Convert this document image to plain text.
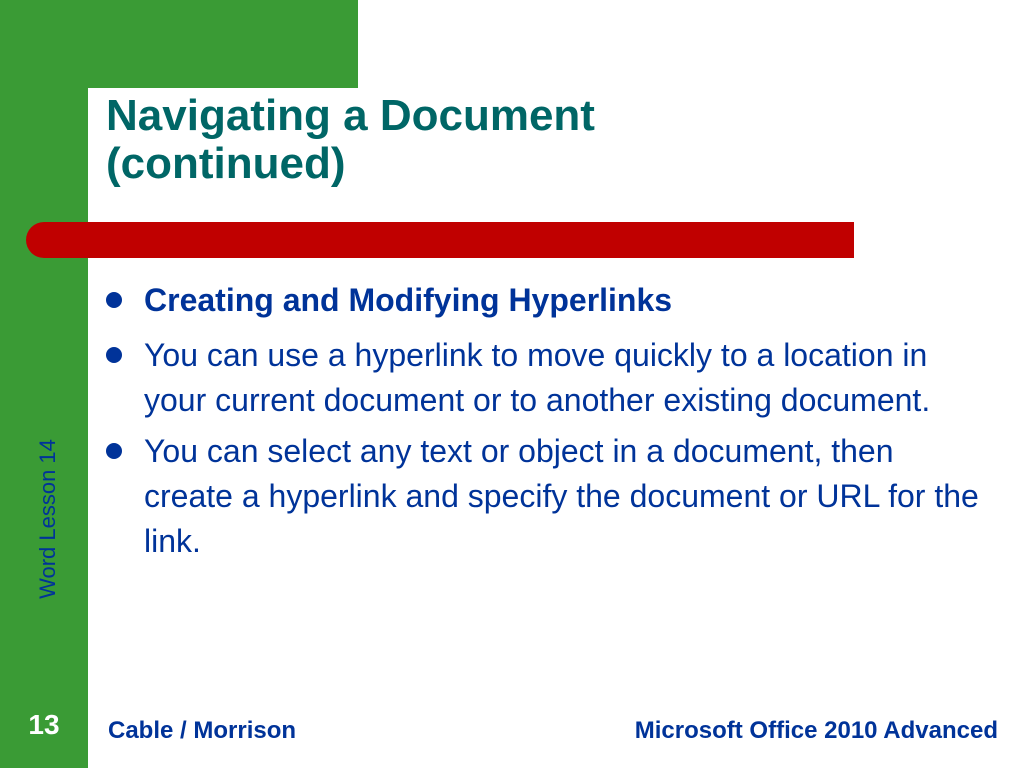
Navigating a Document
(continued)
Creating and Modifying Hyperlinks
You can use a hyperlink to move quickly to a location in your current document or to another existing document.
You can select any text or object in a document, then create a hyperlink and specify the document or URL for the link.
Word Lesson 14
13	Cable / Morrison	Microsoft Office 2010 Advanced
